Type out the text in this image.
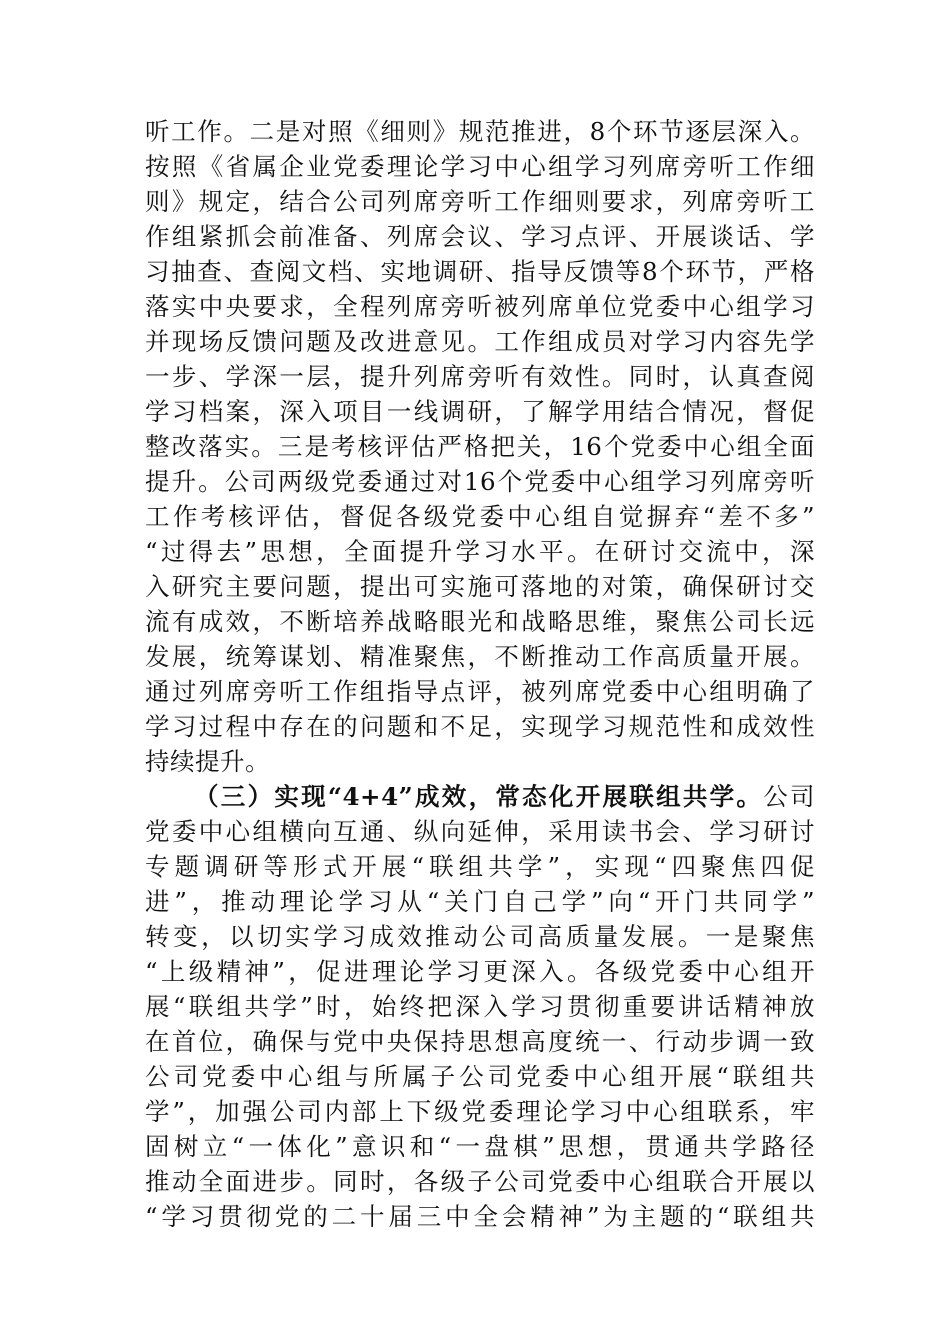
听工作。二是对照《细则》规范推进，8个环节逐层深入。
按照《省属企业党委理论学习中心组学习列席旁听工作细
则》规定，结合公司列席旁听工作细则要求，列席旁听工
作组紧抓会前准备、列席会议、学习点评、开展谈话、学
习抽查、查阅文档、实地调研、指导反馈等8个环节，严格
落实中央要求，全程列席旁听被列席单位党委中心组学习
并现场反馈问题及改进意见。工作组成员对学习内容先学
一步、学深一层，提升列席旁听有效性。同时，认真查阅
学习档案，深入项目一线调研，了解学用结合情况，督促
整改落实。三是考核评估严格把关，16个党委中心组全面
提升。公司两级党委通过对16个党委中心组学习列席旁听
工作考核评估，督促各级党委中心组自觉摒弃“差不多”
“过得去”思想，全面提升学习水平。在研讨交流中，深
入研究主要问题，提出可实施可落地的对策，确保研讨交
流有成效，不断培养战略眼光和战略思维，聚焦公司长远
发展，统筹谋划、精准聚焦，不断推动工作高质量开展。
通过列席旁听工作组指导点评，被列席党委中心组明确了
学习过程中存在的问题和不足，实现学习规范性和成效性
持续提升。
（三）实现“4+4”成效，常态化开展联组共学。公司
党委中心组横向互通、纵向延伸，采用读书会、学习研讨
专题调研等形式开展“联组共学”，实现“四聚焦四促
进”，推动理论学习从“关门自己学”向“开门共同学”
转变，以切实学习成效推动公司高质量发展。一是聚焦
“上级精神”，促进理论学习更深入。各级党委中心组开
展“联组共学”时，始终把深入学习贯彻重要讲话精神放
在首位，确保与党中央保持思想高度统一、行动步调一致
公司党委中心组与所属子公司党委中心组开展“联组共
学”，加强公司内部上下级党委理论学习中心组联系，牢
固树立“一体化”意识和“一盘棋”思想，贯通共学路径
推动全面进步。同时，各级子公司党委中心组联合开展以
“学习贯彻党的二十届三中全会精神”为主题的“联组共
